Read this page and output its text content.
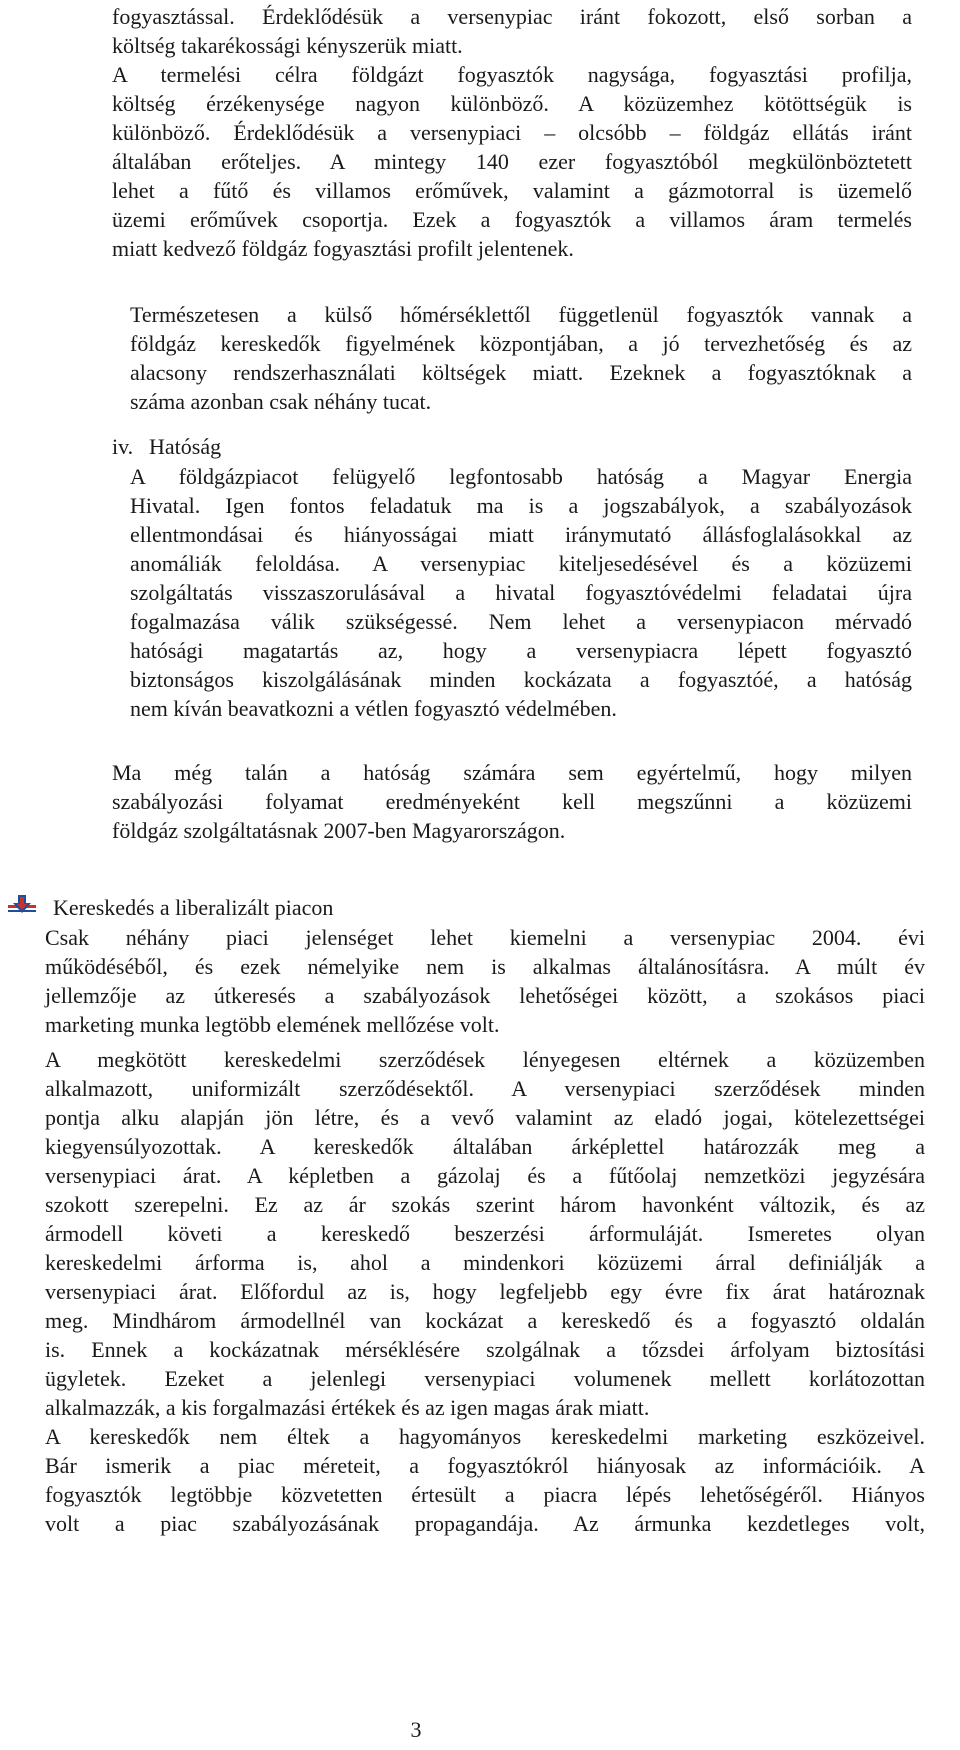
fogyasztással. Érdeklődésük a versenypiac iránt fokozott, első sorban a

költség takarékossági kényszerük miatt.

A termelési célra földgázt fogyasztók nagysága, fogyasztási profilja,

költség érzékenysége nagyon különböző. A közüzemhez kötöttségük is

különböző. Érdeklődésük a versenypiaci – olcsóbb – földgáz ellátás iránt

általában erőteljes. A mintegy 140 ezer fogyasztóból megkülönböztetett

lehet a fűtő és villamos erőművek, valamint a gázmotorral is üzemelő

üzemi erőművek csoportja. Ezek a fogyasztók a villamos áram termelés

miatt kedvező földgáz fogyasztási profilt jelentenek.

Természetesen a külső hőmérséklettől függetlenül fogyasztók vannak a

földgáz kereskedők figyelmének központjában, a jó tervezhetőség és az

alacsony rendszerhasználati költségek miatt. Ezeknek a fogyasztóknak a

száma azonban csak néhány tucat.

iv. Hatóság

A földgázpiacot felügyelő legfontosabb hatóság a Magyar Energia

Hivatal. Igen fontos feladatuk ma is a jogszabályok, a szabályozások

ellentmondásai és hiányosságai miatt iránymutató állásfoglalásokkal az

anomáliák feloldása. A versenypiac kiteljesedésével és a közüzemi

szolgáltatás visszaszorulásával a hivatal fogyasztóvédelmi feladatai újra

fogalmazása válik szükségessé. Nem lehet a versenypiacon mérvadó

hatósági magatartás az, hogy a versenypiacra lépett fogyasztó

biztonságos kiszolgálásának minden kockázata a fogyasztóé, a hatóság

nem kíván beavatkozni a vétlen fogyasztó védelmében.

Ma még talán a hatóság számára sem egyértelmű, hogy milyen

szabályozási folyamat eredményeként kell megszűnni a közüzemi

földgáz szolgáltatásnak 2007-ben Magyarországon.

Kereskedés a liberalizált piacon

Csak néhány piaci jelenséget lehet kiemelni a versenypiac 2004. évi

működéséből, és ezek némelyike nem is alkalmas általánosításra. A múlt év

jellemzője az útkeresés a szabályozások lehetőségei között, a szokásos piaci

marketing munka legtöbb elemének mellőzése volt.

A megkötött kereskedelmi szerződések lényegesen eltérnek a közüzemben

alkalmazott, uniformizált szerződésektől. A versenypiaci szerződések minden

pontja alku alapján jön létre, és a vevő valamint az eladó jogai, kötelezettségei

kiegyensúlyozottak. A kereskedők általában árképlettel határozzák meg a

versenypiaci árat. A képletben a gázolaj és a fűtőolaj nemzetközi jegyzésára

szokott szerepelni. Ez az ár szokás szerint három havonként változik, és az

ármodell követi a kereskedő beszerzési árformuláját. Ismeretes olyan

kereskedelmi árforma is, ahol a mindenkori közüzemi árral definiálják a

versenypiaci árat. Előfordul az is, hogy legfeljebb egy évre fix árat határoznak

meg. Mindhárom ármodellnél van kockázat a kereskedő és a fogyasztó oldalán

is. Ennek a kockázatnak mérséklésére szolgálnak a tőzsdei árfolyam biztosítási

ügyletek. Ezeket a jelenlegi versenypiaci volumenek mellett korlátozottan

alkalmazzák, a kis forgalmazási értékek és az igen magas árak miatt.

A kereskedők nem éltek a hagyományos kereskedelmi marketing eszközeivel.

Bár ismerik a piac méreteit, a fogyasztókról hiányosak az információik. A

fogyasztók legtöbbje közvetetten értesült a piacra lépés lehetőségéről. Hiányos

volt a piac szabályozásának propagandája. Az ármunka kezdetleges volt,

3
